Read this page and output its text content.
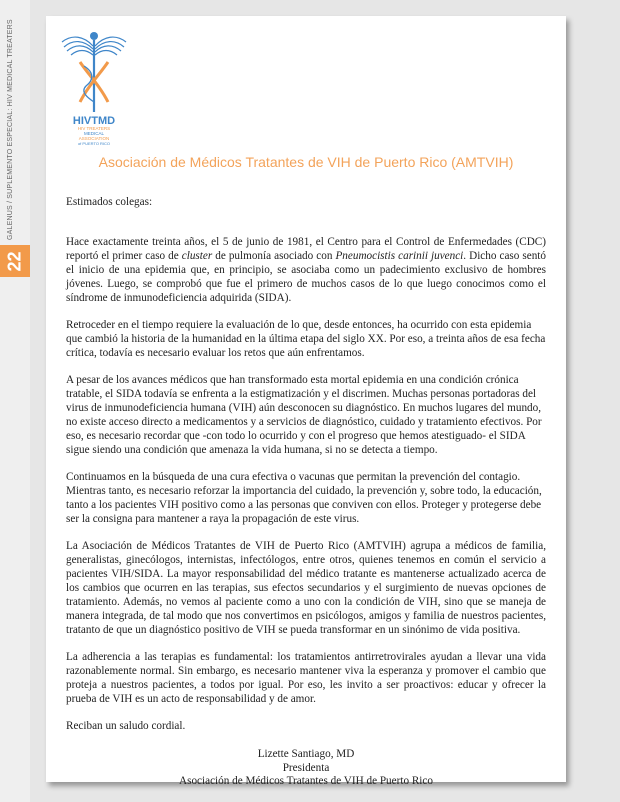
GALENUS / SUPLEMENTO ESPECIAL: HIV MEDICAL TREATERS
22
HIVTMD
HIV TREATERS
MEDICAL
ASSOCIATION
of PUERTO RICO
Asociación de Médicos Tratantes de VIH de Puerto Rico (AMTVIH)

Estimados colegas:

Hace exactamente treinta años, el 5 de junio de 1981, el Centro para el Control de Enfermedades (CDC) reportó el primer caso de cluster de pulmonía asociado con Pneumocistis carinii juvenci. Dicho caso sentó el inicio de una epidemia que, en principio, se asociaba como un padecimiento exclusivo de hombres jóvenes. Luego, se comprobó que fue el primero de muchos casos de lo que luego conocimos como el síndrome de inmunodeficiencia adquirida (SIDA).

Retroceder en el tiempo requiere la evaluación de lo que, desde entonces, ha ocurrido con esta epidemia que cambió la historia de la humanidad en la última etapa del siglo XX. Por eso, a treinta años de esa fecha crítica, todavía es necesario evaluar los retos que aún enfrentamos.

A pesar de los avances médicos que han transformado esta mortal epidemia en una condición crónica tratable, el SIDA todavía se enfrenta a la estigmatización y el discrimen. Muchas personas portadoras del virus de inmunodeficiencia humana (VIH) aún desconocen su diagnóstico. En muchos lugares del mundo, no existe acceso directo a medicamentos y a servicios de diagnóstico, cuidado y tratamiento efectivos. Por eso, es necesario recordar que -con todo lo ocurrido y con el progreso que hemos atestiguado- el SIDA sigue siendo una condición que amenaza la vida humana, si no se detecta a tiempo.

Continuamos en la búsqueda de una cura efectiva o vacunas que permitan la prevención del contagio. Mientras tanto, es necesario reforzar la importancia del cuidado, la prevención y, sobre todo, la educación, tanto a los pacientes VIH positivo como a las personas que conviven con ellos. Proteger y protegerse debe ser la consigna para mantener a raya la propagación de este virus.

La Asociación de Médicos Tratantes de VIH de Puerto Rico (AMTVIH) agrupa a médicos de familia, generalistas, ginecólogos, internistas, infectólogos, entre otros, quienes tenemos en común el servicio a pacientes VIH/SIDA. La mayor responsabilidad del médico tratante es mantenerse actualizado acerca de los cambios que ocurren en las terapias, sus efectos secundarios y el surgimiento de nuevas opciones de tratamiento. Además, no vemos al paciente como a uno con la condición de VIH, sino que se maneja de manera integrada, de tal modo que nos convertimos en psicólogos, amigos y familia de nuestros pacientes, tratanto de que un diagnóstico positivo de VIH se pueda transformar en un sinónimo de vida positiva.

La adherencia a las terapias es fundamental: los tratamientos antirretrovirales ayudan a llevar una vida razonablemente normal. Sin embargo, es necesario mantener viva la esperanza y promover el cambio que proteja a nuestros pacientes, a todos por igual. Por eso, les invito a ser proactivos: educar y ofrecer la prueba de VIH es un acto de responsabilidad y de amor.

Reciban un saludo cordial.

Lizette Santiago, MD
Presidenta
Asociación de Médicos Tratantes de VIH de Puerto Rico
